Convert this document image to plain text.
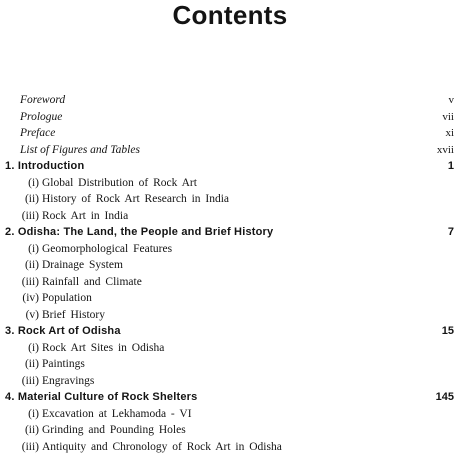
Contents
Foreword	v
Prologue	vii
Preface	xi
List of Figures and Tables	xvii
1. Introduction	1
(i) Global Distribution of Rock Art
(ii) History of Rock Art Research in India
(iii) Rock Art in India
2. Odisha: The Land, the People and Brief History	7
(i) Geomorphological Features
(ii) Drainage System
(iii) Rainfall and Climate
(iv) Population
(v) Brief History
3. Rock Art of Odisha	15
(i) Rock Art Sites in Odisha
(ii) Paintings
(iii) Engravings
4. Material Culture of Rock Shelters	145
(i) Excavation at Lekhamoda - VI
(ii) Grinding and Pounding Holes
(iii) Antiquity and Chronology of Rock Art in Odisha
